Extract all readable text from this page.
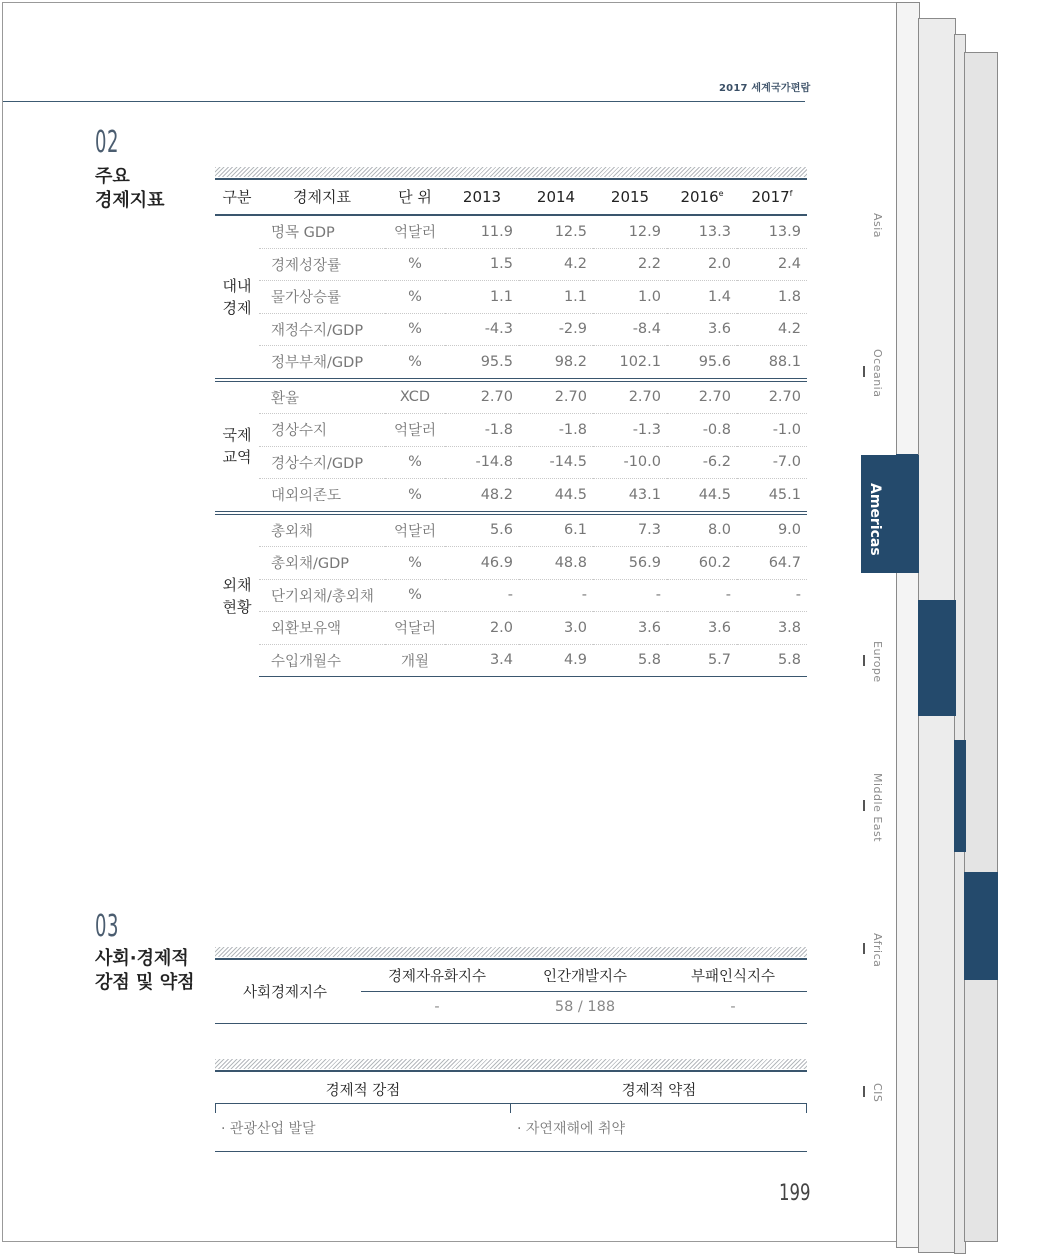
2017 세계국가편람
02
주요
경제지표	구분	경제지표	단 위	2013	2014	2015	2016e	2017$^f$

대내
경제	명목 GDP	억달러	11.9	12.5	12.9	13.3	13.9
	경제성장률	%	1.5	4.2	2.2	2.0	2.4
	물가상승률	%	1.1	1.1	1.0	1.4	1.8
	재정수지/GDP	%	-4.3	-2.9	-8.4	3.6	4.2
	정부부채/GDP	%	95.5	98.2	102.1	95.6	88.1

국제
교역	환율	XCD	2.70	2.70	2.70	2.70	2.70
	경상수지	억달러	-1.8	-1.8	-1.3	-0.8	-1.0
	경상수지/GDP	%	-14.8	-14.5	-10.0	-6.2	-7.0
	대외의존도	%	48.2	44.5	43.1	44.5	45.1

외채
현황	총외채	억달러	5.6	6.1	7.3	8.0	9.0
	총외채/GDP	%	46.9	48.8	56.9	60.2	64.7
	단기외채/총외채	%	-	-	-	-	-
	외환보유액	억달러	2.0	3.0	3.6	3.6	3.8
	수입개월수	개월	3.4	4.9	5.8	5.7	5.8
03
사회·경제적
강점 및 약점	사회경제지수
경제자유화지수	인간개발지수	부패인식지수
-	58 / 188	-
경제적 강점	경제적 약점
· 관광산업 발달	· 자연재해에 취약
199
Asia
Oceania
Americas
Europe
Middle East
Africa
CIS
